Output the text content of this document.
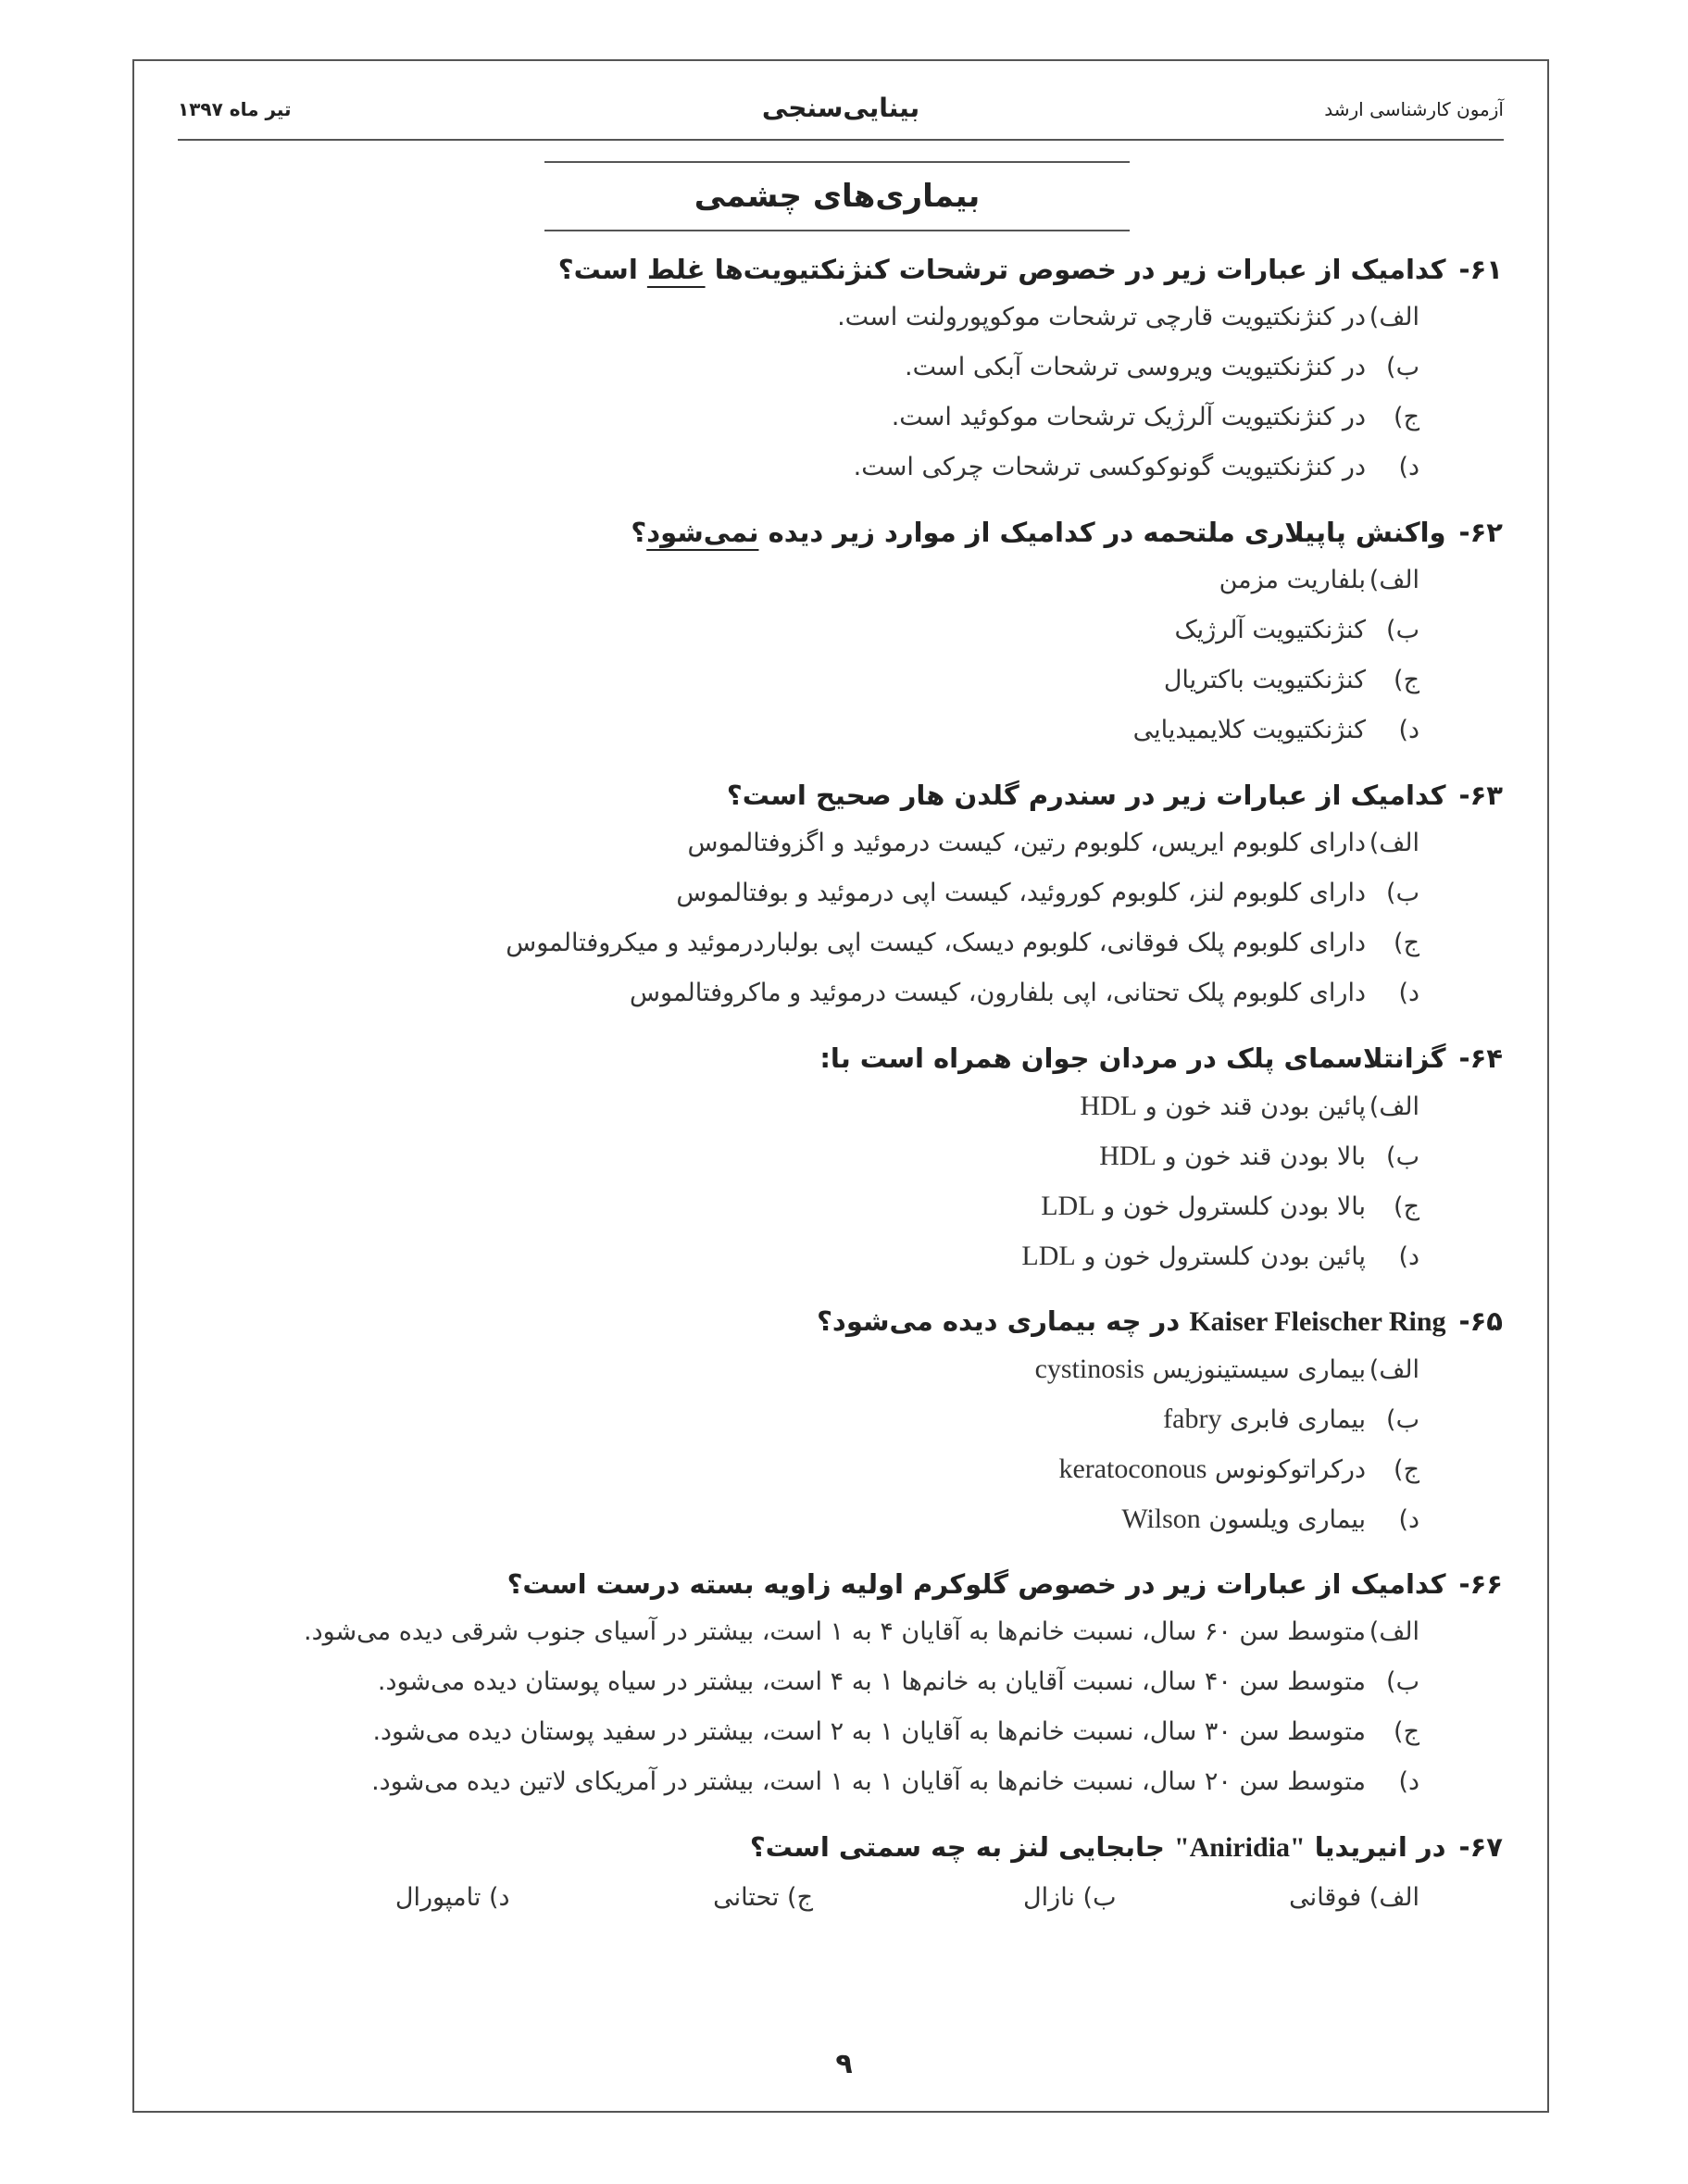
تیر ماه ۱۳۹۷	بینایی‌سنجی	آزمون کارشناسی ارشد
بیماری‌های چشمی
۶۱-
کدامیک از عبارات زیر در خصوص ترشحات کنژنکتیویت‌ها غلط است؟
الف)
در کنژنکتیویت قارچی ترشحات موکوپورولنت است.
ب)
در کنژنکتیویت ویروسی ترشحات آبکی است.
ج)
در کنژنکتیویت آلرژیک ترشحات موکوئید است.
د)
در کنژنکتیویت گونوکوکسی ترشحات چرکی است.
۶۲-
واکنش پاپیلاری ملتحمه در کدامیک از موارد زیر دیده نمی‌شود؟
الف)
بلفاریت مزمن
ب)
کنژنکتیویت آلرژیک
ج)
کنژنکتیویت باکتریال
د)
کنژنکتیویت کلایمیدیایی
۶۳-
کدامیک از عبارات زیر در سندرم گلدن هار صحیح است؟
الف)
دارای کلوبوم ایریس، کلوبوم رتین، کیست درموئید و اگزوفتالموس
ب)
دارای کلوبوم لنز، کلوبوم کوروئید، کیست اپی درموئید و بوفتالموس
ج)
دارای کلوبوم پلک فوقانی، کلوبوم دیسک، کیست اپی بولباردرموئید و میکروفتالموس
د)
دارای کلوبوم پلک تحتانی، اپی بلفارون، کیست درموئید و ماکروفتالموس
۶۴-
گزانتلاسمای پلک در مردان جوان همراه است با:
الف)
پائین بودن قند خون و HDL
ب)
بالا بودن قند خون و HDL
ج)
بالا بودن کلسترول خون و LDL
د)
پائین بودن کلسترول خون و LDL
۶۵-
Kaiser Fleischer Ring در چه بیماری دیده می‌شود؟
الف)
بیماری سیستینوزیس cystinosis
ب)
بیماری فابری fabry
ج)
درکراتوکونوس keratoconous
د)
بیماری ویلسون Wilson
۶۶-
کدامیک از عبارات زیر در خصوص گلوکرم اولیه زاویه بسته درست است؟
الف)
متوسط سن ۶۰ سال، نسبت خانم‌ها به آقایان ۴ به ۱ است، بیشتر در آسیای جنوب شرقی دیده می‌شود.
ب)
متوسط سن ۴۰ سال، نسبت آقایان به خانم‌ها ۱ به ۴ است، بیشتر در سیاه پوستان دیده می‌شود.
ج)
متوسط سن ۳۰ سال، نسبت خانم‌ها به آقایان ۱ به ۲ است، بیشتر در سفید پوستان دیده می‌شود.
د)
متوسط سن ۲۰ سال، نسبت خانم‌ها به آقایان ۱ به ۱ است، بیشتر در آمریکای لاتین دیده می‌شود.
۶۷-
در انیریدیا "Aniridia" جابجایی لنز به چه سمتی است؟
الف) فوقانی
ب) نازال
ج) تحتانی
د) تامپورال
۹
